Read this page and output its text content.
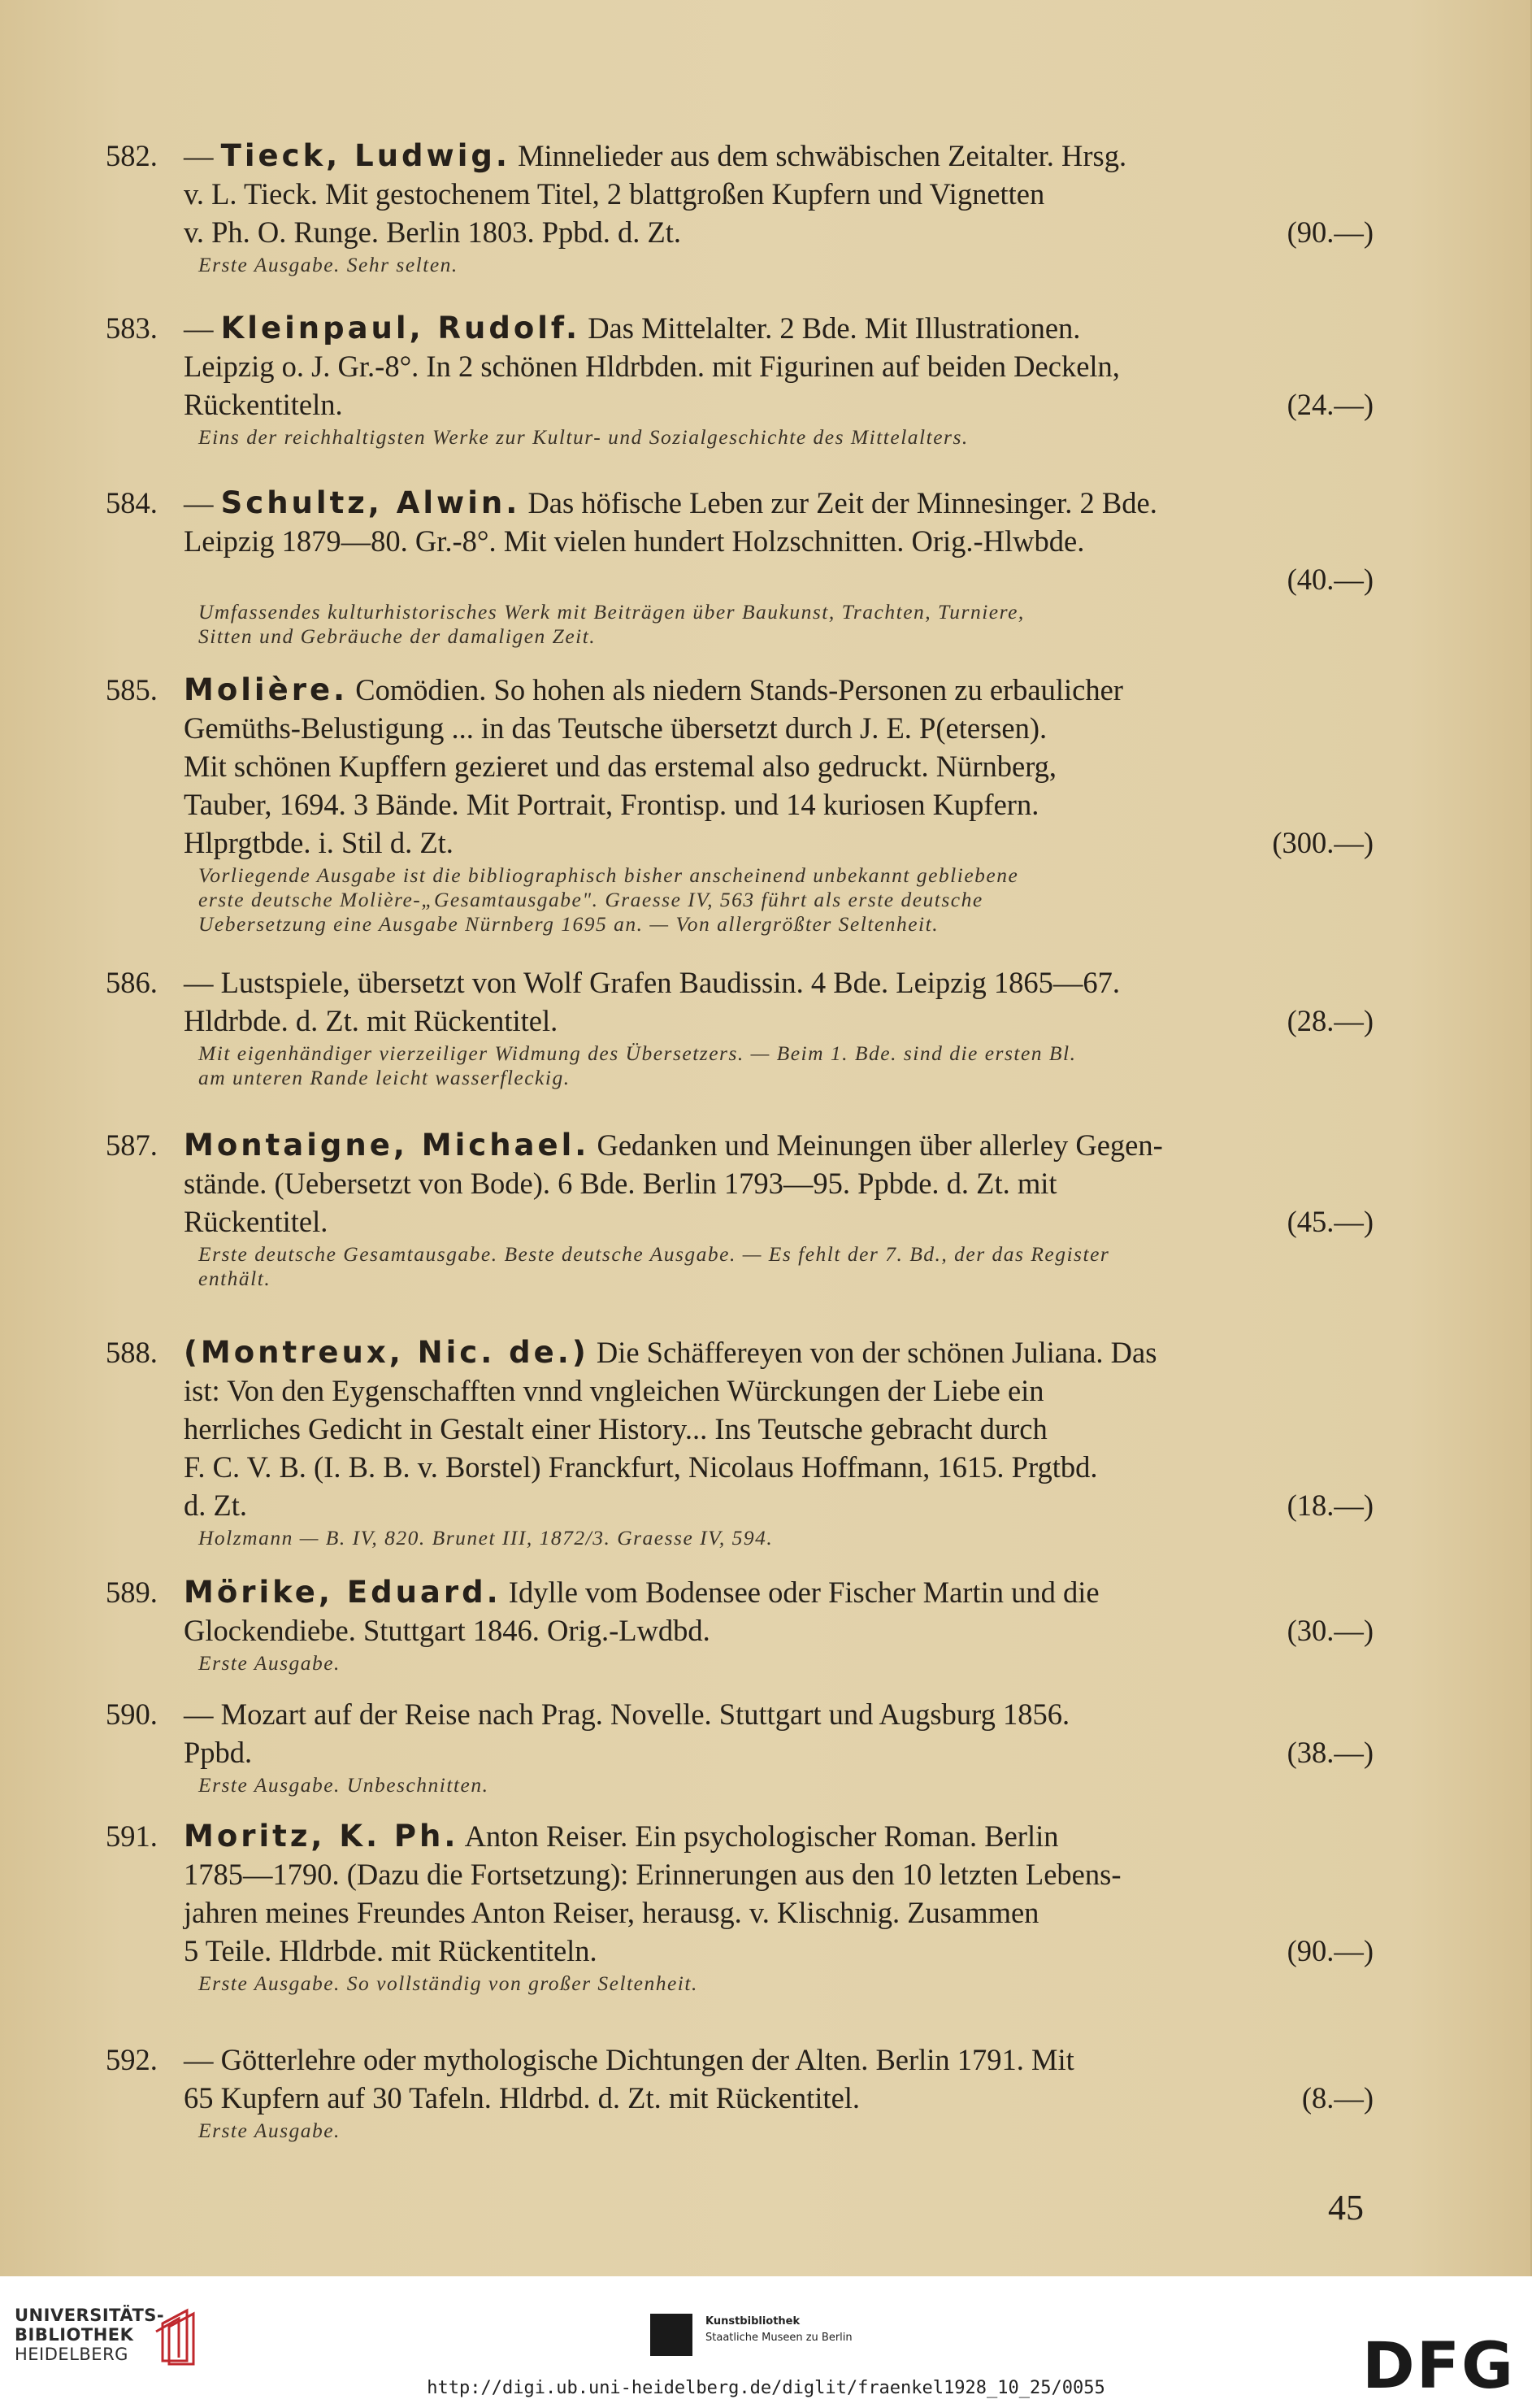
582. — Tieck, Ludwig. Minnelieder aus dem schwäbischen Zeitalter. Hrsg.
v. L. Tieck. Mit gestochenem Titel, 2 blattgroßen Kupfern und Vignetten
v. Ph. O. Runge. Berlin 1803. Ppbd. d. Zt.	(90.—)
Erste Ausgabe. Sehr selten.
583. — Kleinpaul, Rudolf. Das Mittelalter. 2 Bde. Mit Illustrationen.
Leipzig o. J. Gr.-8°. In 2 schönen Hldrbden. mit Figurinen auf beiden Deckeln,
Rückentiteln.	(24.—)
Eins der reichhaltigsten Werke zur Kultur- und Sozialgeschichte des Mittelalters.
584. — Schultz, Alwin. Das höfische Leben zur Zeit der Minnesinger. 2 Bde.
Leipzig 1879—80. Gr.-8°. Mit vielen hundert Holzschnitten. Orig.-Hlwbde.
(40.—)
Umfassendes kulturhistorisches Werk mit Beiträgen über Baukunst, Trachten, Turniere,
Sitten und Gebräuche der damaligen Zeit.
585. Molière. Comödien. So hohen als niedern Stands-Personen zu erbaulicher
Gemüths-Belustigung ... in das Teutsche übersetzt durch J. E. P(etersen).
Mit schönen Kupffern gezieret und das erstemal also gedruckt. Nürnberg,
Tauber, 1694. 3 Bände. Mit Portrait, Frontisp. und 14 kuriosen Kupfern.
Hlprgtbde. i. Stil d. Zt.	(300.—)
Vorliegende Ausgabe ist die bibliographisch bisher anscheinend unbekannt gebliebene
erste deutsche Molière-„Gesamtausgabe". Graesse IV, 563 führt als erste deutsche
Uebersetzung eine Ausgabe Nürnberg 1695 an. — Von allergrößter Seltenheit.
586. — Lustspiele, übersetzt von Wolf Grafen Baudissin. 4 Bde. Leipzig 1865—67.
Hldrbde. d. Zt. mit Rückentitel.	(28.—)
Mit eigenhändiger vierzeiliger Widmung des Übersetzers. — Beim 1. Bde. sind die ersten Bl.
am unteren Rande leicht wasserfleckig.
587. Montaigne, Michael. Gedanken und Meinungen über allerley Gegen-
stände. (Uebersetzt von Bode). 6 Bde. Berlin 1793—95. Ppbde. d. Zt. mit
Rückentitel.	(45.—)
Erste deutsche Gesamtausgabe. Beste deutsche Ausgabe. — Es fehlt der 7. Bd., der das Register
enthält.
588. (Montreux, Nic. de.) Die Schäffereyen von der schönen Juliana. Das
ist: Von den Eygenschafften vnnd vngleichen Würckungen der Liebe ein
herrliches Gedicht in Gestalt einer History... Ins Teutsche gebracht durch
F. C. V. B. (I. B. B. v. Borstel) Franckfurt, Nicolaus Hoffmann, 1615. Prgtbd.
d. Zt.	(18.—)
Holzmann — B. IV, 820. Brunet III, 1872/3. Graesse IV, 594.
589. Mörike, Eduard. Idylle vom Bodensee oder Fischer Martin und die
Glockendiebe. Stuttgart 1846. Orig.-Lwdbd.	(30.—)
Erste Ausgabe.
590. — Mozart auf der Reise nach Prag. Novelle. Stuttgart und Augsburg 1856.
Ppbd.	(38.—)
Erste Ausgabe. Unbeschnitten.
591. Moritz, K. Ph. Anton Reiser. Ein psychologischer Roman. Berlin
1785—1790. (Dazu die Fortsetzung): Erinnerungen aus den 10 letzten Lebens-
jahren meines Freundes Anton Reiser, herausg. v. Klischnig. Zusammen
5 Teile. Hldrbde. mit Rückentiteln.	(90.—)
Erste Ausgabe. So vollständig von großer Seltenheit.
592. — Götterlehre oder mythologische Dichtungen der Alten. Berlin 1791. Mit
65 Kupfern auf 30 Tafeln. Hldrbd. d. Zt. mit Rückentitel.	(8.—)
Erste Ausgabe.
45
UNIVERSITÄTS-
BIBLIOTHEK
HEIDELBERG
Kunstbibliothek
Staatliche Museen zu Berlin	DFG
http://digi.ub.uni-heidelberg.de/diglit/fraenkel1928_10_25/0055
